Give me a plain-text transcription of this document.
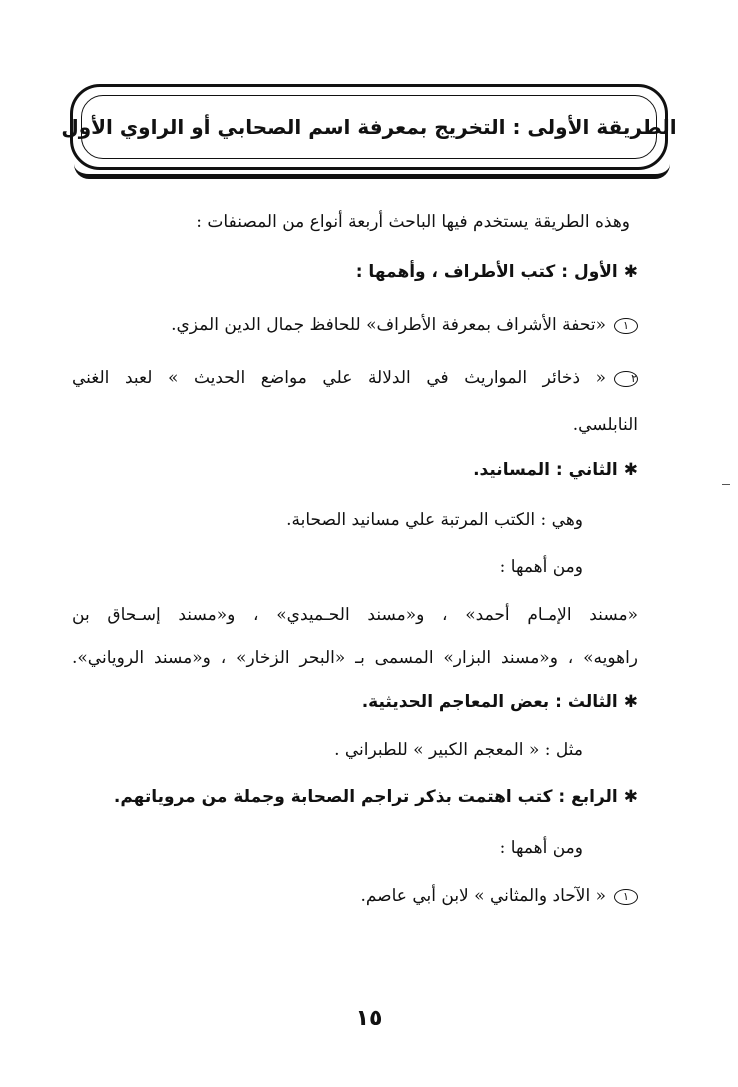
الطريقة الأولى : التخريج بمعرفة اسم الصحابي أو الراوي الأول
وهذه الطريقة يستخدم فيها الباحث أربعة أنواع من المصنفات :
✱الأول : كتب الأطراف ، وأهمها :
١«تحفة الأشراف بمعرفة الأطراف» للحافظ جمال الدين المزي.
٢« ذخائر المواريث في الدلالة علي مواضع الحديث » لعبد الغني
النابلسي.
✱الثاني : المسانيد.
وهي : الكتب المرتبة علي مسانيد الصحابة.
ومن أهمها :
«مسند الإمـام أحمد» ، و«مسند الحـميدي» ، و«مسند إسـحاق بن
راهويه» ، و«مسند البزار» المسمى بـ «البحر الزخار» ، و«مسند الروياني».
✱الثالث : بعض المعاجم الحديثية.
مثل : « المعجم الكبير » للطبراني .
✱الرابع : كتب اهتمت بذكر تراجم الصحابة وجملة من مروياتهم.
ومن أهمها :
١« الآحاد والمثاني » لابن أبي عاصم.
١٥
